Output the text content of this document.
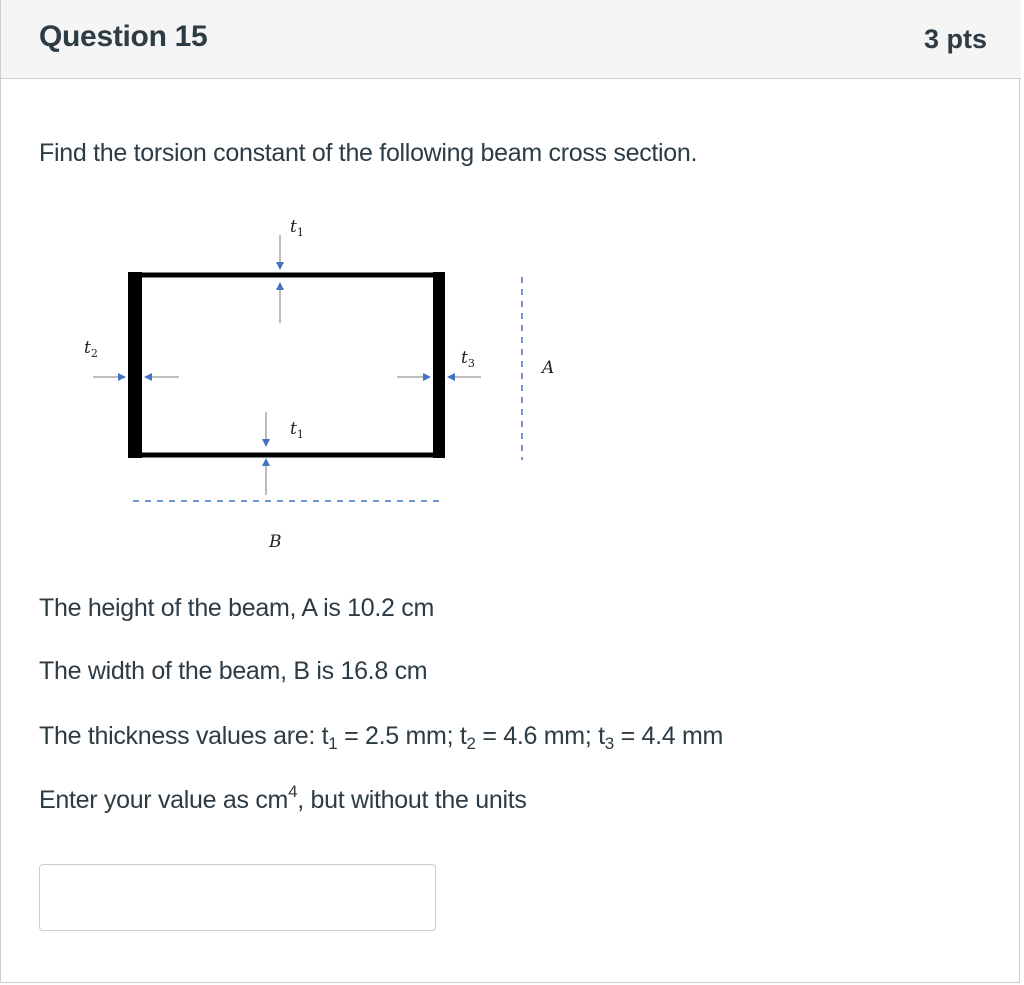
Question 15	3 pts
Find the torsion constant of the following beam cross section.
$t_1$
$t_1$
$t_2$	$t_3$	A
B
The height of the beam, A is 10.2 cm
The width of the beam, B is 16.8 cm
The thickness values are: $t_1 = 2.5$ mm; $t_2 = 4.6$ mm; $t_3 = 4.4$ mm
Enter your value as $cm^4$, but without the units
